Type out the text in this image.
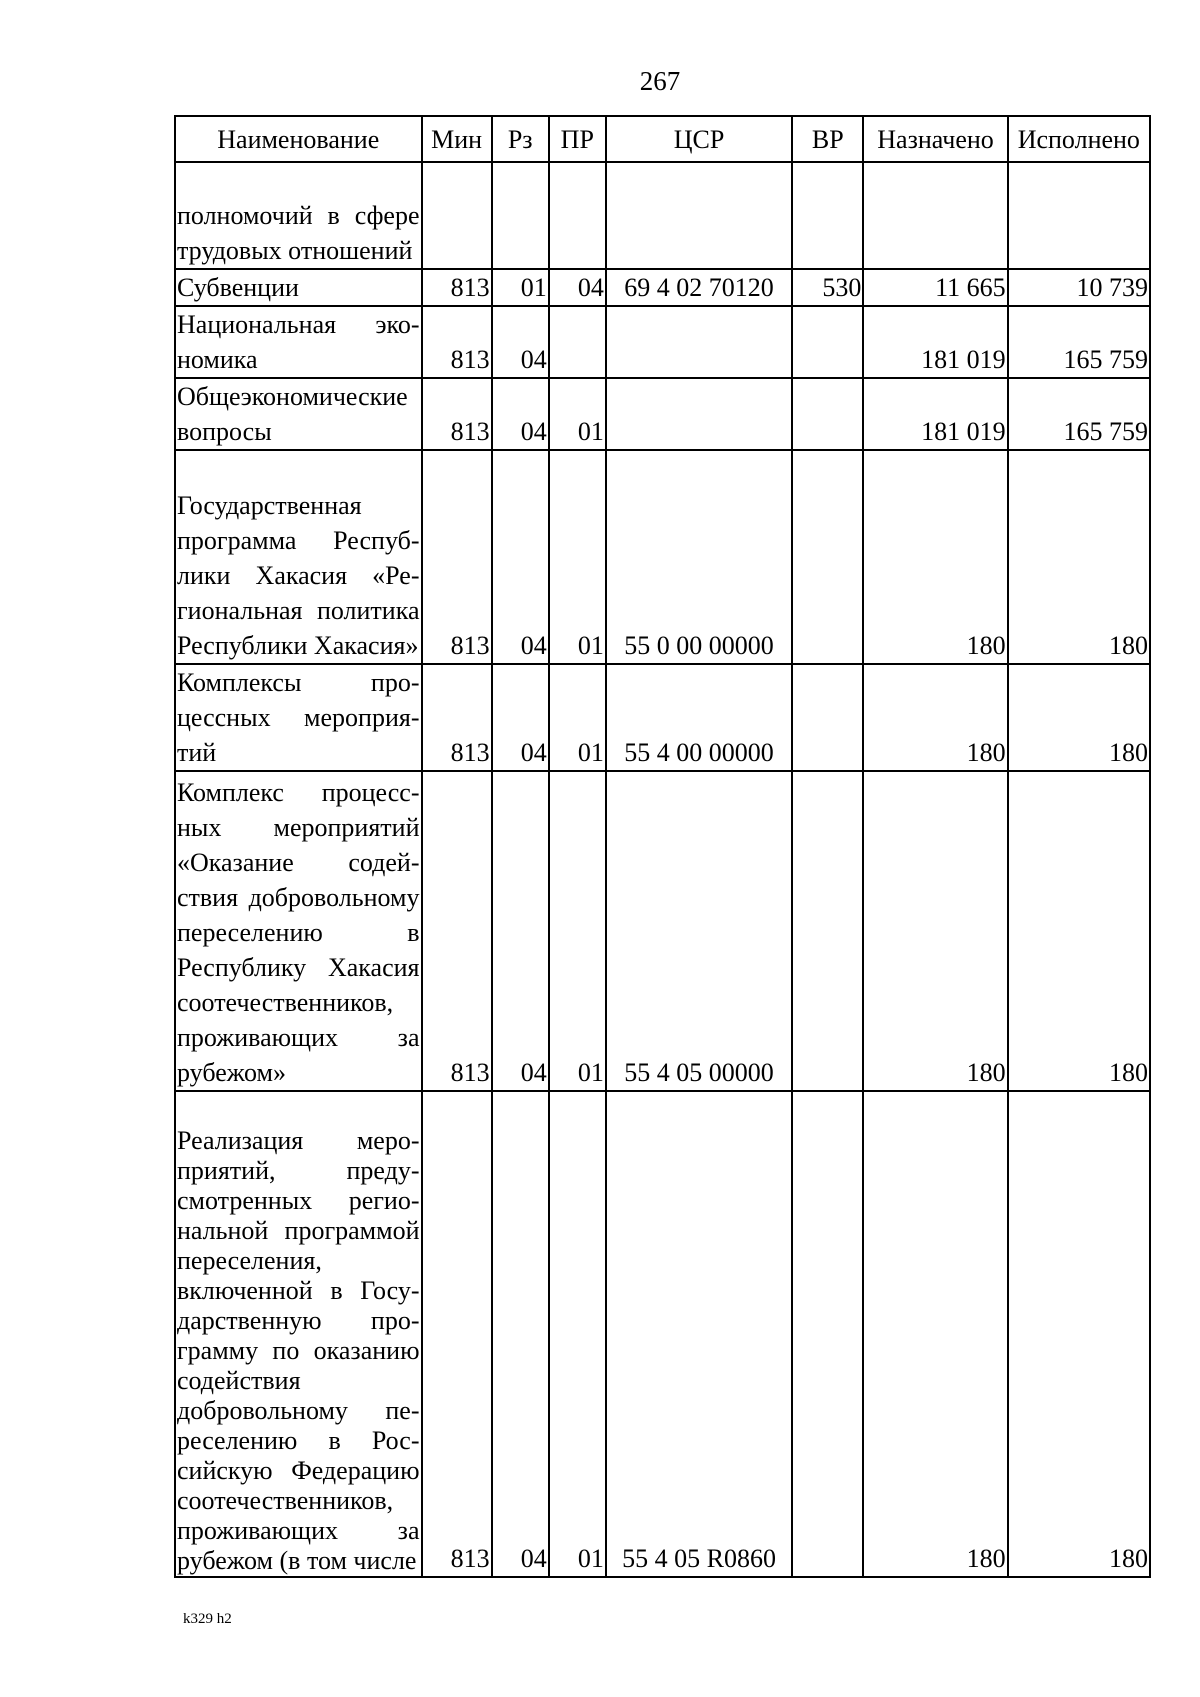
267
Наименование	Мин	Рз	ПР	ЦСР	ВР	Назначено	Исполнено
полномочий в сфере трудовых отношений							
Субвенции	813	01	04	69 4 02 70120	530	11 665	10 739
Национальная экономика	813	04				181 019	165 759
Общеэкономические вопросы	813	04	01			181 019	165 759
Государственная программа Республики Хакасия «Региональная политика Республики Хакасия»	813	04	01	55 0 00 00000		180	180
Комплексы процессных мероприятий	813	04	01	55 4 00 00000		180	180
Комплекс процессных мероприятий «Оказание содействия добровольному переселению в Республику Хакасия соотечественников, проживающих за рубежом»	813	04	01	55 4 05 00000		180	180
Реализация мероприятий, предусмотренных региональной программой переселения, включенной в Государственную программу по оказанию содействия добровольному переселению в Российскую Федерацию соотечественников, проживающих за рубежом (в том числе	813	04	01	55 4 05 R0860		180	180
k329 h2
